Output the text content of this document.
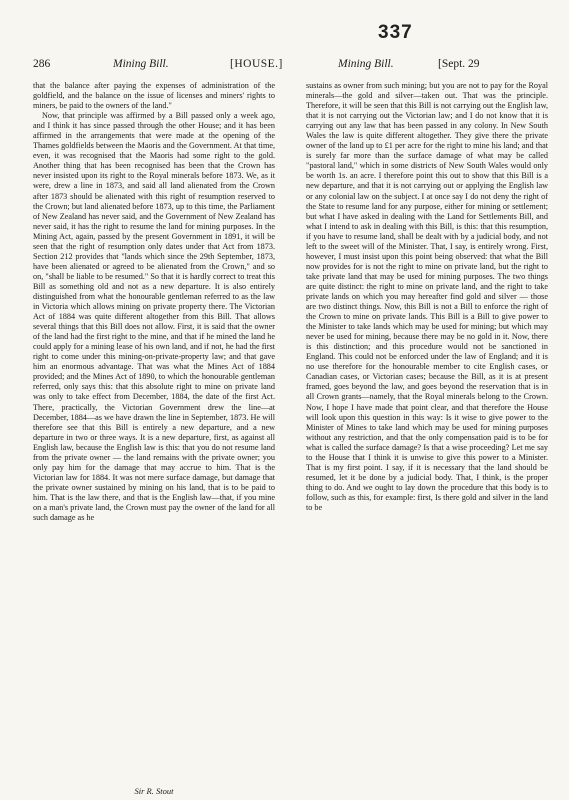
337
286	Mining Bill.	[HOUSE.]	Mining Bill.	[Sept. 29

that the balance after paying the expenses of administration of the goldfield, and the balance on the issue of licenses and miners' rights to miners, be paid to the owners of the land."

Now, that principle was affirmed by a Bill passed only a week ago, and I think it has since passed through the other House; and it has been affirmed in the arrangements that were made at the opening of the Thames goldfields between the Maoris and the Government. At that time, even, it was recognised that the Maoris had some right to the gold. Another thing that has been recognised has been that the Crown has never insisted upon its right to the Royal minerals before 1873. We, as it were, drew a line in 1873, and said all land alienated from the Crown after 1873 should be alienated with this right of resumption reserved to the Crown; but land alienated before 1873, up to this time, the Parliament of New Zealand has never said, and the Government of New Zealand has never said, it has the right to resume the land for mining purposes. In the Mining Act, again, passed by the present Government in 1891, it will be seen that the right of resumption only dates under that Act from 1873. Section 212 provides that "lands which since the 29th September, 1873, have been alienated or agreed to be alienated from the Crown," and so on, "shall be liable to be resumed." So that it is hardly correct to treat this Bill as something old and not as a new departure. It is also entirely distinguished from what the honourable gentleman referred to as the law in Victoria which allows mining on private property there. The Victorian Act of 1884 was quite different altogether from this Bill. That allows several things that this Bill does not allow. First, it is said that the owner of the land had the first right to the mine, and that if he mined the land he could apply for a mining lease of his own land, and if not, he had the first right to come under this mining-on-private-property law; and that gave him an enormous advantage. That was what the Mines Act of 1884 provided; and the Mines Act of 1890, to which the honourable gentleman referred, only says this: that this absolute right to mine on private land was only to take effect from December, 1884, the date of the first Act. There, practically, the Victorian Government drew the line—at December, 1884—as we have drawn the line in September, 1873. He will therefore see that this Bill is entirely a new departure, and a new departure in two or three ways. It is a new departure, first, as against all English law, because the English law is this: that you do not resume land from the private owner — the land remains with the private owner; you only pay him for the damage that may accrue to him. That is the Victorian law for 1884. It was not mere surface damage, but damage that the private owner sustained by mining on his land, that is to be paid to him. That is the law there, and that is the English law—that, if you mine on a man's private land, the Crown must pay the owner of the land for all such damage as he

sustains as owner from such mining; but you are not to pay for the Royal minerals—the gold and silver—taken out. That was the principle. Therefore, it will be seen that this Bill is not carrying out the English law, that it is not carrying out the Victorian law; and I do not know that it is carrying out any law that has been passed in any colony. In New South Wales the law is quite different altogether. They give there the private owner of the land up to £1 per acre for the right to mine his land; and that is surely far more than the surface damage of what may be called "pastoral land," which in some districts of New South Wales would only be worth 1s. an acre. I therefore point this out to show that this Bill is a new departure, and that it is not carrying out or applying the English law or any colonial law on the subject. I at once say I do not deny the right of the State to resume land for any purpose, either for mining or settlement; but what I have asked in dealing with the Land for Settlements Bill, and what I intend to ask in dealing with this Bill, is this: that this resumption, if you have to resume land, shall be dealt with by a judicial body, and not left to the sweet will of the Minister. That, I say, is entirely wrong. First, however, I must insist upon this point being observed: that what the Bill now provides for is not the right to mine on private land, but the right to take private land that may be used for mining purposes. The two things are quite distinct: the right to mine on private land, and the right to take private lands on which you may hereafter find gold and silver — those are two distinct things. Now, this Bill is not a Bill to enforce the right of the Crown to mine on private lands. This Bill is a Bill to give power to the Minister to take lands which may be used for mining; but which may never be used for mining, because there may be no gold in it. Now, there is this distinction; and this procedure would not be sanctioned in England. This could not be enforced under the law of England; and it is no use therefore for the honourable member to cite English cases, or Canadian cases, or Victorian cases; because the Bill, as it is at present framed, goes beyond the law, and goes beyond the reservation that is in all Crown grants—namely, that the Royal minerals belong to the Crown. Now, I hope I have made that point clear, and that therefore the House will look upon this question in this way: Is it wise to give power to the Minister of Mines to take land which may be used for mining purposes without any restriction, and that the only compensation paid is to be for what is called the surface damage? Is that a wise proceeding? Let me say to the House that I think it is unwise to give this power to a Minister. That is my first point. I say, if it is necessary that the land should be resumed, let it be done by a judicial body. That, I think, is the proper thing to do. And we ought to lay down the procedure that this body is to follow, such as this, for example: first, Is there gold and silver in the land to be

Sir R. Stout
